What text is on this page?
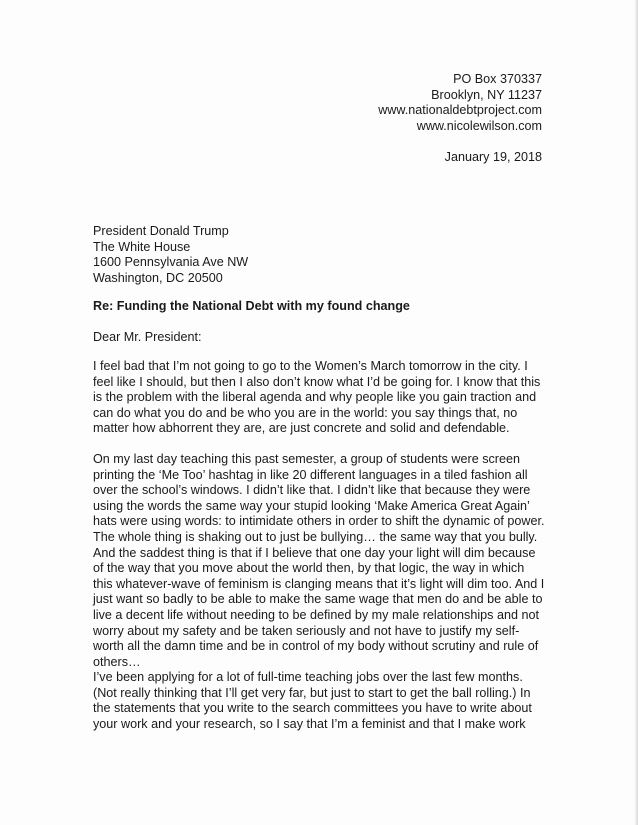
PO Box 370337
Brooklyn, NY 11237
www.nationaldebtproject.com
www.nicolewilson.com
January 19, 2018
President Donald Trump
The White House
1600 Pennsylvania Ave NW
Washington, DC 20500
Re: Funding the National Debt with my found change
Dear Mr. President:
I feel bad that I’m not going to go to the Women’s March tomorrow in the city. I
feel like I should, but then I also don’t know what I’d be going for. I know that this
is the problem with the liberal agenda and why people like you gain traction and
can do what you do and be who you are in the world: you say things that, no
matter how abhorrent they are, are just concrete and solid and defendable.
On my last day teaching this past semester, a group of students were screen
printing the ‘Me Too’ hashtag in like 20 different languages in a tiled fashion all
over the school’s windows. I didn’t like that. I didn’t like that because they were
using the words the same way your stupid looking ‘Make America Great Again’
hats were using words: to intimidate others in order to shift the dynamic of power.
The whole thing is shaking out to just be bullying… the same way that you bully.
And the saddest thing is that if I believe that one day your light will dim because
of the way that you move about the world then, by that logic, the way in which
this whatever-wave of feminism is clanging means that it’s light will dim too. And I
just want so badly to be able to make the same wage that men do and be able to
live a decent life without needing to be defined by my male relationships and not
worry about my safety and be taken seriously and not have to justify my self-
worth all the damn time and be in control of my body without scrutiny and rule of
others…
I’ve been applying for a lot of full-time teaching jobs over the last few months.
(Not really thinking that I’ll get very far, but just to start to get the ball rolling.) In
the statements that you write to the search committees you have to write about
your work and your research, so I say that I’m a feminist and that I make work
